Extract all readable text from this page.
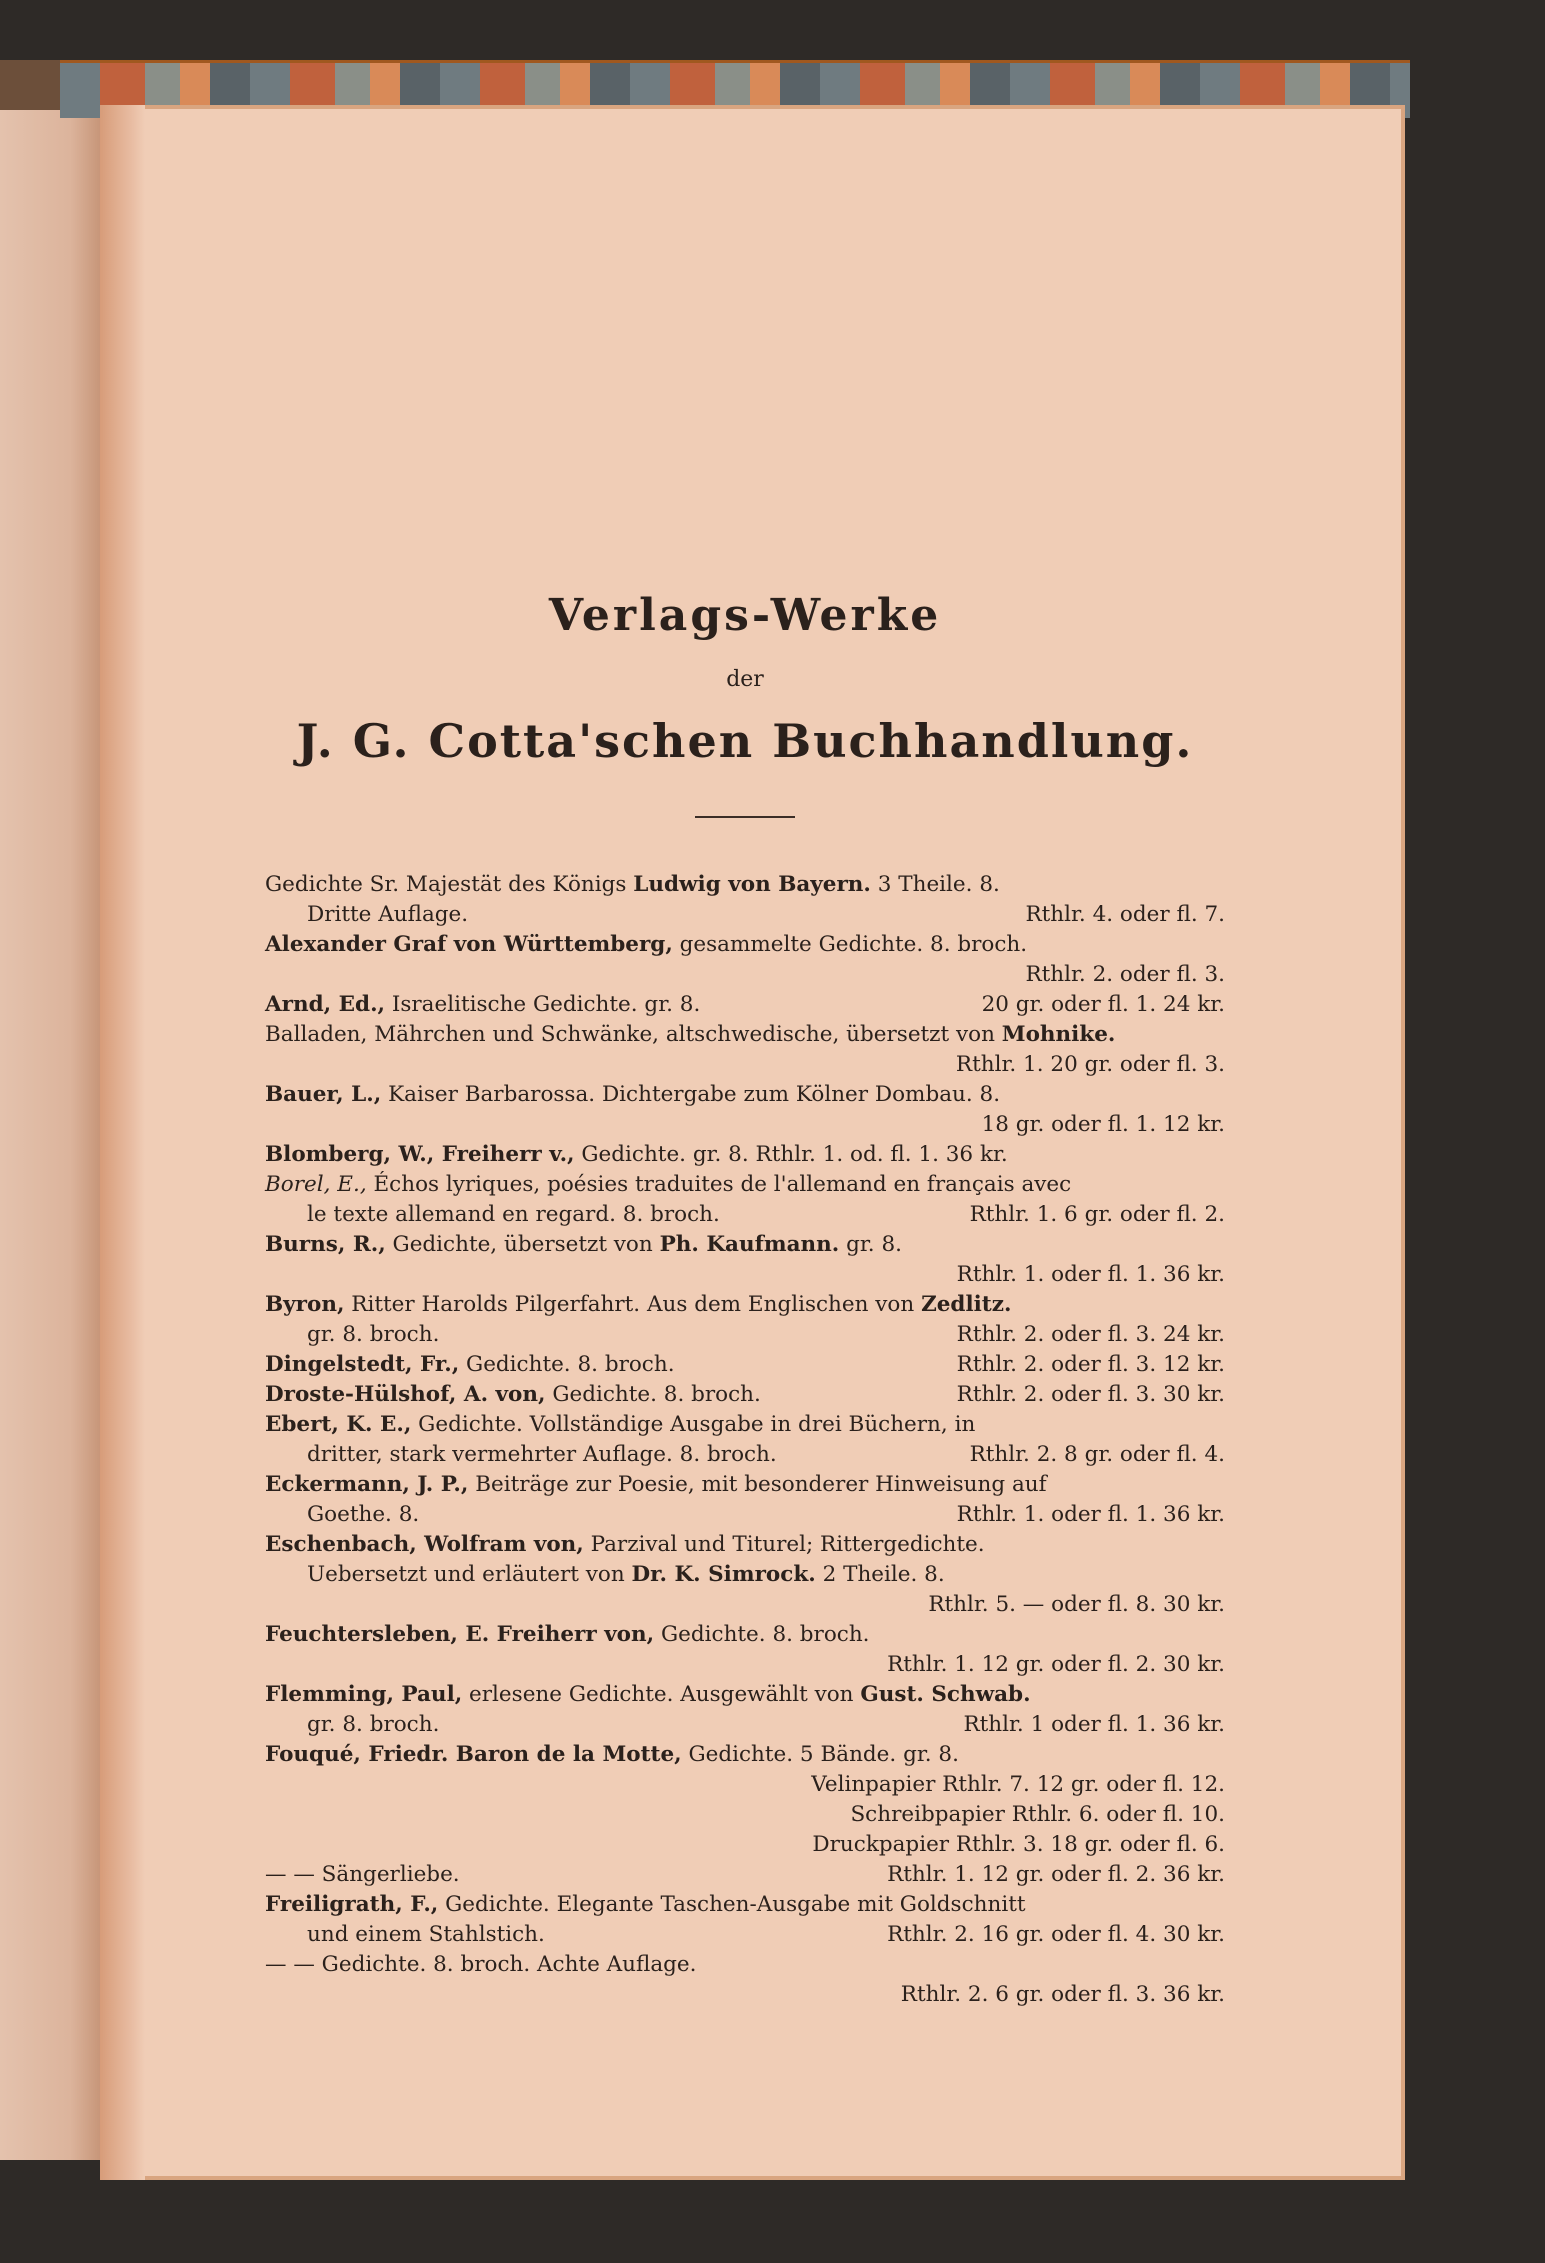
Verlags-Werke

der

J. G. Cotta'schen Buchhandlung.

Gedichte Sr. Majestät des Königs Ludwig von Bayern. 3 Theile. 8.
Dritte Auflage.	Rthlr. 4. oder fl. 7.
Alexander Graf von Württemberg, gesammelte Gedichte. 8. broch.
Rthlr. 2. oder fl. 3.
Arnd, Ed., Israelitische Gedichte. gr. 8.	20 gr. oder fl. 1. 24 kr.
Balladen, Mährchen und Schwänke, altschwedische, übersetzt von Mohnike.
Rthlr. 1. 20 gr. oder fl. 3.
Bauer, L., Kaiser Barbarossa. Dichtergabe zum Kölner Dombau. 8.
18 gr. oder fl. 1. 12 kr.
Blomberg, W., Freiherr v., Gedichte. gr. 8. Rthlr. 1. od. fl. 1. 36 kr.
Borel, E., Échos lyriques, poésies traduites de l'allemand en français avec
le texte allemand en regard. 8. broch.	Rthlr. 1. 6 gr. oder fl. 2.
Burns, R., Gedichte, übersetzt von Ph. Kaufmann. gr. 8.
Rthlr. 1. oder fl. 1. 36 kr.
Byron, Ritter Harolds Pilgerfahrt. Aus dem Englischen von Zedlitz.
gr. 8. broch.	Rthlr. 2. oder fl. 3. 24 kr.
Dingelstedt, Fr., Gedichte. 8. broch.	Rthlr. 2. oder fl. 3. 12 kr.
Droste-Hülshof, A. von, Gedichte. 8. broch.	Rthlr. 2. oder fl. 3. 30 kr.
Ebert, K. E., Gedichte. Vollständige Ausgabe in drei Büchern, in
dritter, stark vermehrter Auflage. 8. broch.	Rthlr. 2. 8 gr. oder fl. 4.
Eckermann, J. P., Beiträge zur Poesie, mit besonderer Hinweisung auf
Goethe. 8.	Rthlr. 1. oder fl. 1. 36 kr.
Eschenbach, Wolfram von, Parzival und Titurel; Rittergedichte.
Uebersetzt und erläutert von Dr. K. Simrock. 2 Theile. 8.
Rthlr. 5. — oder fl. 8. 30 kr.
Feuchtersleben, E. Freiherr von, Gedichte. 8. broch.
Rthlr. 1. 12 gr. oder fl. 2. 30 kr.
Flemming, Paul, erlesene Gedichte. Ausgewählt von Gust. Schwab.
gr. 8. broch.	Rthlr. 1 oder fl. 1. 36 kr.
Fouqué, Friedr. Baron de la Motte, Gedichte. 5 Bände. gr. 8.
Velinpapier Rthlr. 7. 12 gr. oder fl. 12.
Schreibpapier Rthlr. 6. oder fl. 10.
Druckpapier Rthlr. 3. 18 gr. oder fl. 6.
— — Sängerliebe.	Rthlr. 1. 12 gr. oder fl. 2. 36 kr.
Freiligrath, F., Gedichte. Elegante Taschen-Ausgabe mit Goldschnitt
und einem Stahlstich.	Rthlr. 2. 16 gr. oder fl. 4. 30 kr.
— — Gedichte. 8. broch. Achte Auflage.
Rthlr. 2. 6 gr. oder fl. 3. 36 kr.
